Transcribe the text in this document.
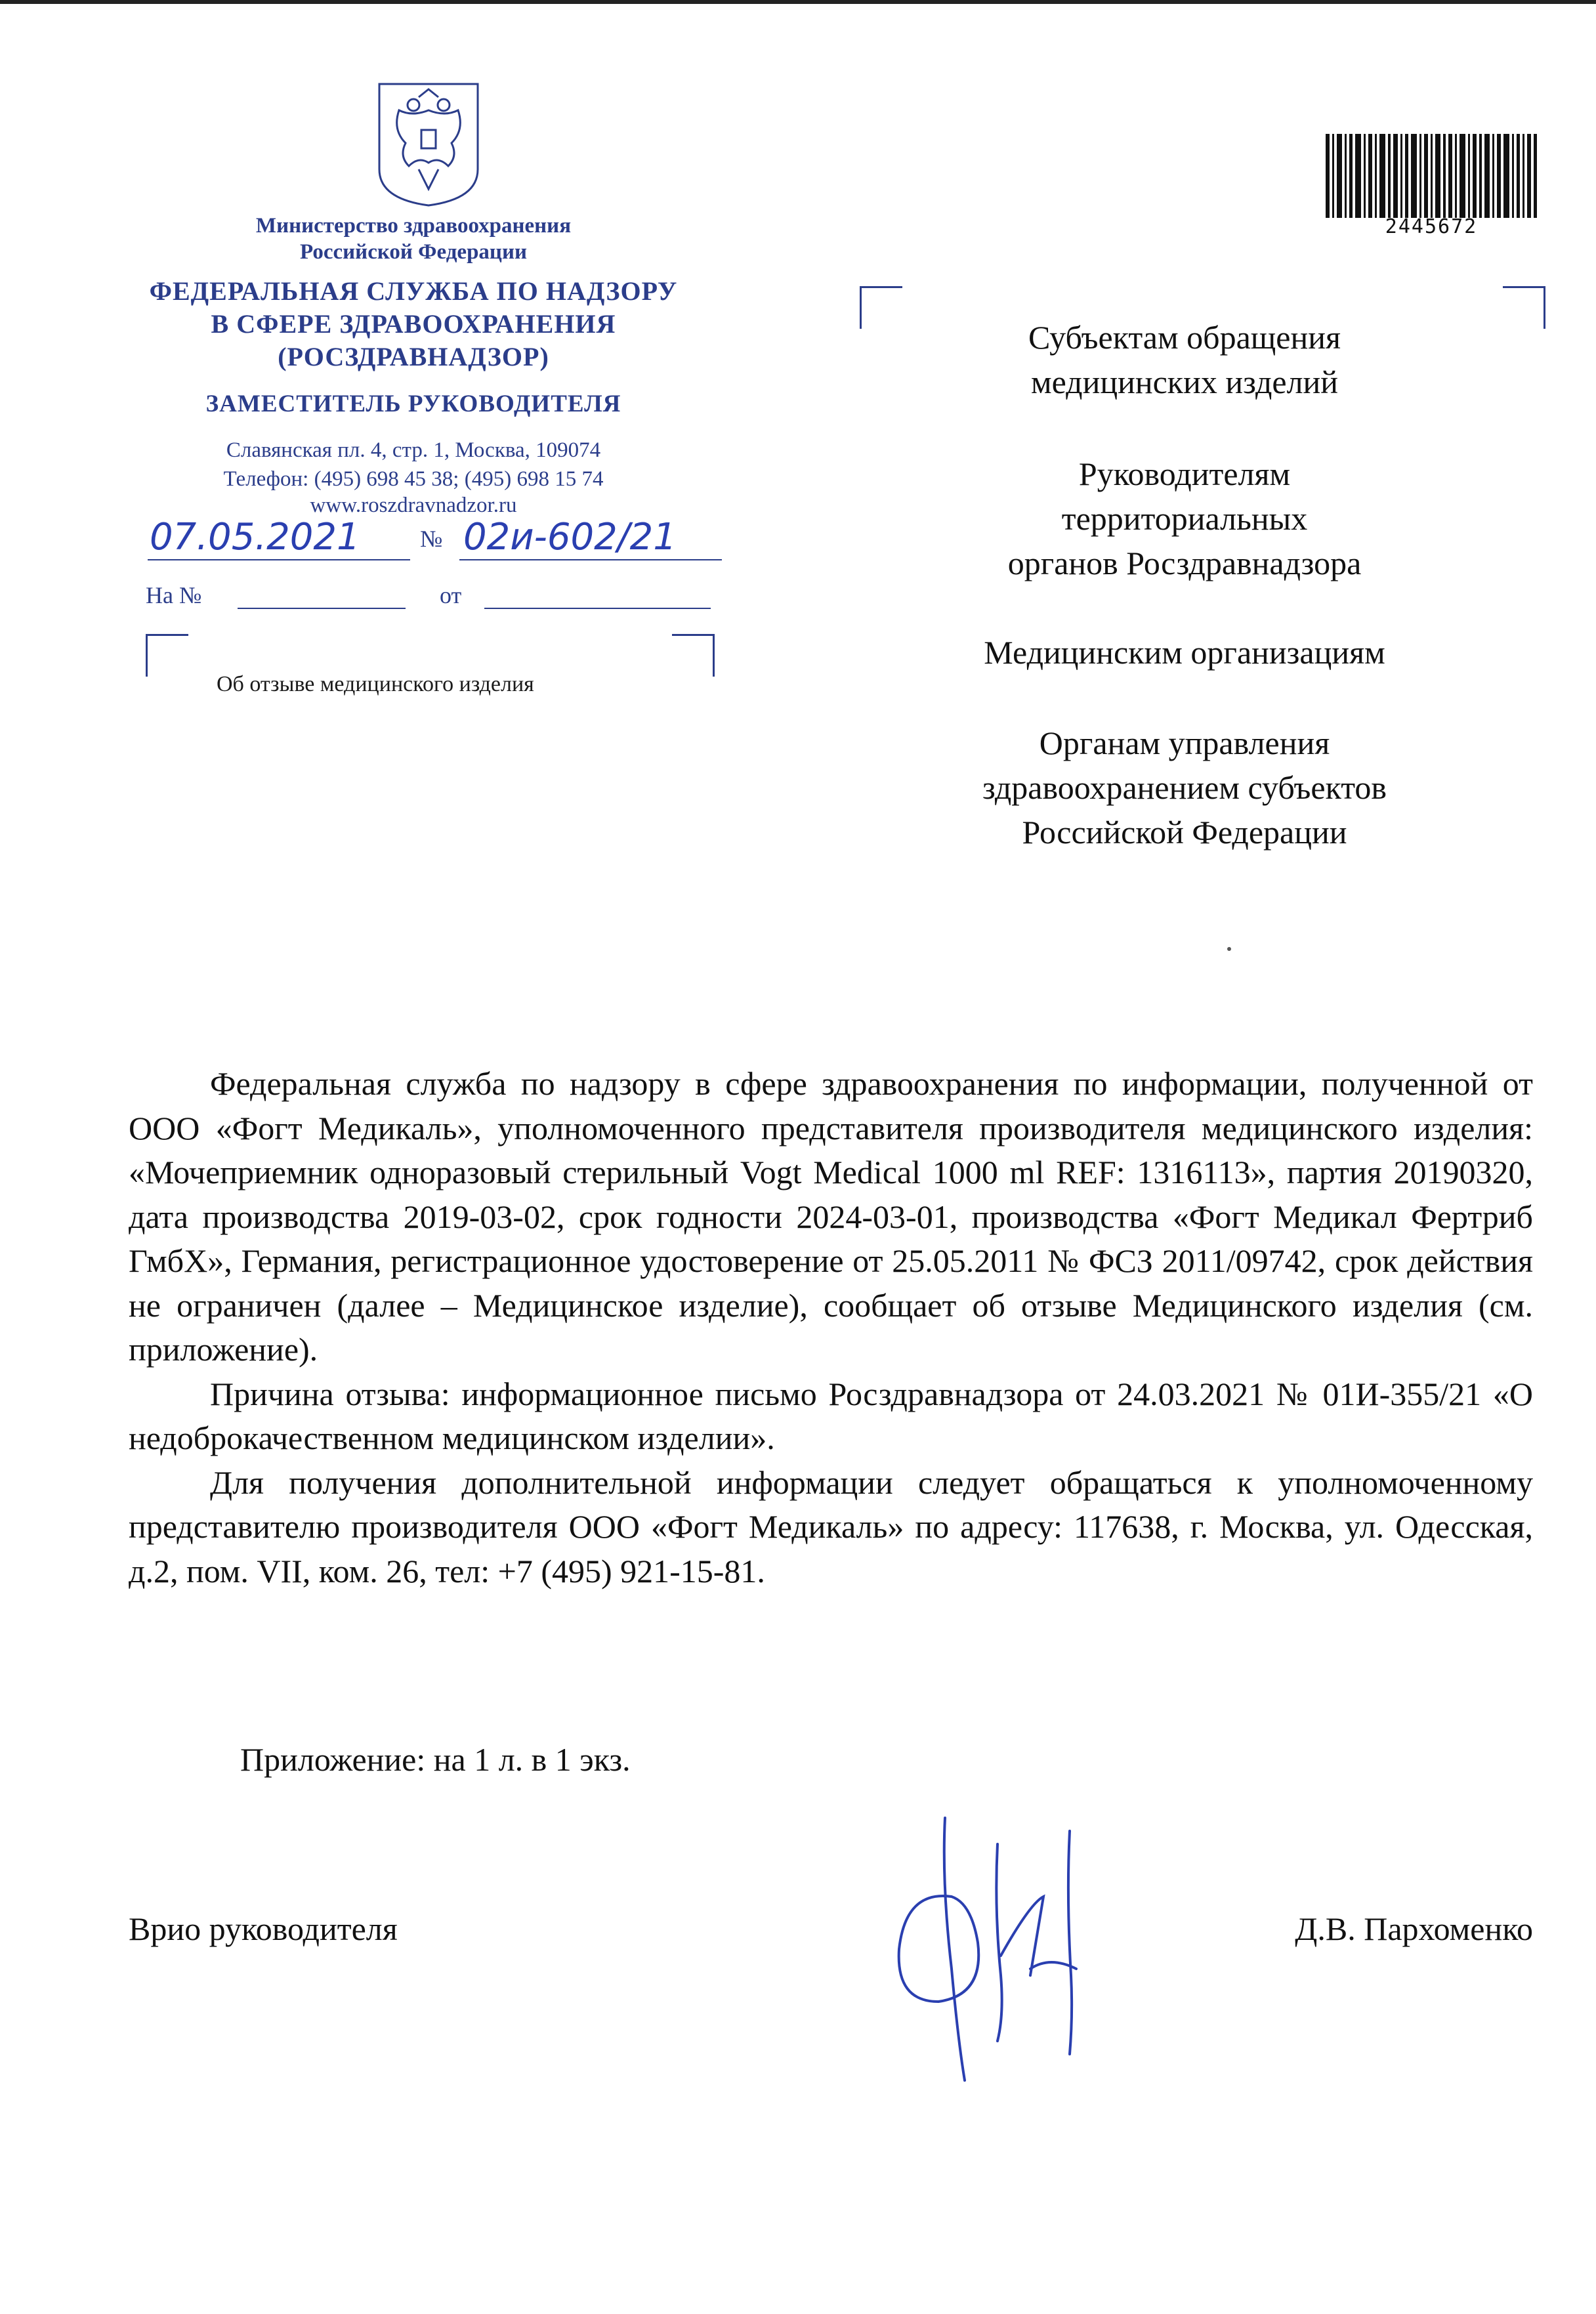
Министерство здравоохранения
Российской Федерации
ФЕДЕРАЛЬНАЯ СЛУЖБА ПО НАДЗОРУ
В СФЕРЕ ЗДРАВООХРАНЕНИЯ
(РОСЗДРАВНАДЗОР)
ЗАМЕСТИТЕЛЬ РУКОВОДИТЕЛЯ
Славянская пл. 4, стр. 1, Москва, 109074
Телефон: (495) 698 45 38; (495) 698 15 74
www.roszdravnadzor.ru
07.05.2021	№ 02и-602/21
На №	от
Об отзыве медицинского изделия
2445672
Субъектам обращения
медицинских изделий
Руководителям
территориальных
органов Росздравнадзора
Медицинским организациям
Органам управления
здравоохранением субъектов
Российской Федерации

Федеральная служба по надзору в сфере здравоохранения по информации, полученной от ООО «Фогт Медикаль», уполномоченного представителя производителя медицинского изделия: «Мочеприемник одноразовый стерильный Vogt Medical 1000 ml REF: 1316113», партия 20190320, дата производства 2019-03-02, срок годности 2024-03-01, производства «Фогт Медикал Фертриб ГмбХ», Германия, регистрационное удостоверение от 25.05.2011 № ФСЗ 2011/09742, срок действия не ограничен (далее – Медицинское изделие), сообщает об отзыве Медицинского изделия (см. приложение).

Причина отзыва: информационное письмо Росздравнадзора от 24.03.2021 № 01И-355/21 «О недоброкачественном медицинском изделии».

Для получения дополнительной информации следует обращаться к уполномоченному представителю производителя ООО «Фогт Медикаль» по адресу: 117638, г. Москва, ул. Одесская, д.2, пом. VII, ком. 26, тел: +7 (495) 921-15-81.

Приложение: на 1 л. в 1 экз.
Врио руководителя	Д.В. Пархоменко
